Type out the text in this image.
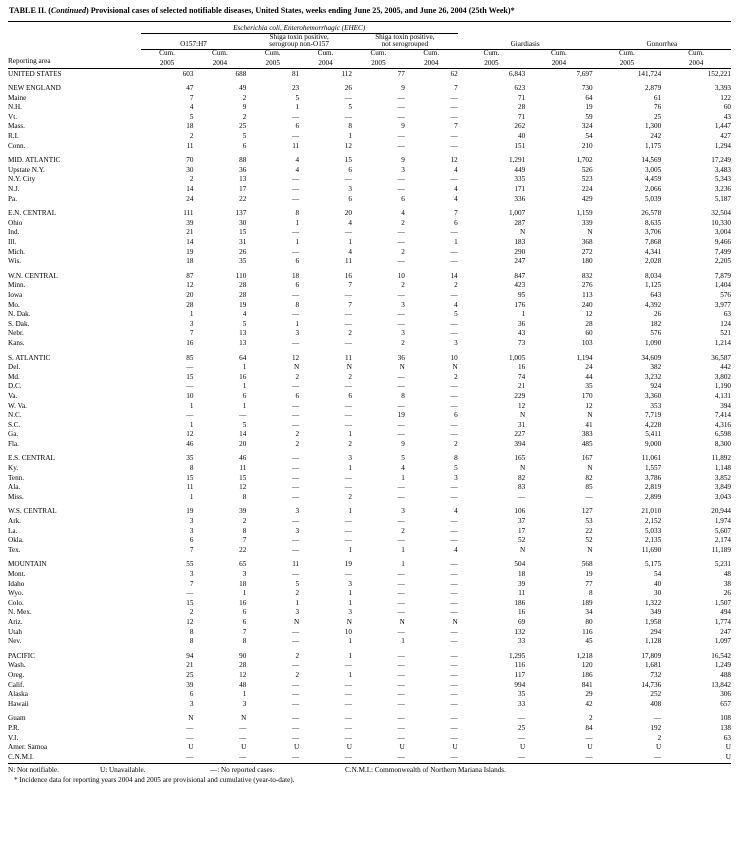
TABLE II. (Continued) Provisional cases of selected notifiable diseases, United States, weeks ending June 25, 2005, and June 26, 2004 (25th Week)*
	Escherichia coli, Enterohemorrhagic (EHEC)									

O157:H7

Shiga toxin positive,
serogroup non-O157

Shiga toxin positive,
not serogrouped	Giardiasis	Gonorrhea

	Cum.	Cum.	Cum.	Cum.	Cum.	Cum.	Cum.	Cum.	Cum.	Cum.
Reporting area	2005	2004	2005	2004	2005	2004	2005	2004	2005	2004
UNITED STATES	603	688	81	112	77	62	6,843	7,697	141,724	152,221

NEW ENGLAND	47	49	23	26	9	7	623	730	2,879	3,393
Maine	7	2	5	—	—	—	71	64	61	122
N.H.	4	9	1	5	—	—	28	19	76	60
Vt.	5	2	—	—	—	—	71	59	25	43
Mass.	18	25	6	8	9	7	262	324	1,300	1,447
R.I.	2	5	—	1	—	—	40	54	242	427
Conn.	11	6	11	12	—	—	151	210	1,175	1,294

MID. ATLANTIC	70	88	4	15	9	12	1,291	1,702	14,569	17,249
Upstate N.Y.	30	36	4	6	3	4	449	526	3,005	3,483
N.Y. City	2	13	—	—	—	—	335	523	4,459	5,343
N.J.	14	17	—	3	—	4	171	224	2,066	3,236
Pa.	24	22	—	6	6	4	336	429	5,039	5,187

E.N. CENTRAL	111	137	8	20	4	7	1,007	1,159	26,578	32,504
Ohio	39	30	1	4	2	6	287	339	8,635	10,330
Ind.	21	15	—	—	—	—	N	N	3,706	3,004
Ill.	14	31	1	1	—	1	183	368	7,868	9,466
Mich.	19	26	—	4	2	—	290	272	4,341	7,499
Wis.	18	35	6	11	—	—	247	180	2,028	2,205

W.N. CENTRAL	87	110	18	16	10	14	847	832	8,034	7,879
Minn.	12	28	6	7	2	2	423	276	1,125	1,404
Iowa	20	28	—	—	—	—	95	113	643	576
Mo.	28	19	8	7	3	4	176	240	4,392	3,977
N. Dak.	1	4	—	—	—	5	1	12	26	63
S. Dak.	3	5	1	—	—	—	36	28	182	124
Nebr.	7	13	3	2	3	—	43	60	576	521
Kans.	16	13	—	—	2	3	73	103	1,090	1,214

S. ATLANTIC	85	64	12	11	36	10	1,005	1,194	34,609	36,587
Del.	—	1	N	N	N	N	16	24	382	442
Md.	15	16	2	2	—	2	74	44	3,232	3,802
D.C.	—	1	—	—	—	—	21	35	924	1,190
Va.	10	6	6	6	8	—	229	170	3,360	4,131
W. Va.	1	1	—	—	—	—	12	12	353	394
N.C.	—	—	—	—	19	6	N	N	7,719	7,414
S.C.	1	5	—	—	—	—	31	41	4,228	4,316
Ga.	12	14	2	1	—	—	227	383	5,411	6,598
Fla.	46	20	2	2	9	2	394	485	9,000	8,300

E.S. CENTRAL	35	46	—	3	5	8	165	167	11,061	11,892
Ky.	8	11	—	1	4	5	N	N	1,557	1,148
Tenn.	15	15	—	—	1	3	82	82	3,786	3,852
Ala.	11	12	—	—	—	—	83	85	2,819	3,849
Miss.	1	8	—	2	—	—	—	—	2,899	3,043

W.S. CENTRAL	19	39	3	1	3	4	106	127	21,010	20,944
Ark.	3	2	—	—	—	—	37	53	2,152	1,974
La.	3	8	3	—	2	—	17	22	5,033	5,607
Okla.	6	7	—	—	—	—	52	52	2,135	2,174
Tex.	7	22	—	1	1	4	N	N	11,690	11,189

MOUNTAIN	55	65	11	19	1	—	504	568	5,175	5,231
Mont.	3	3	—	—	—	—	18	19	54	48
Idaho	7	18	5	3	—	—	39	77	40	38
Wyo.	—	1	2	1	—	—	11	8	30	26
Colo.	15	16	1	1	—	—	186	189	1,322	1,507
N. Mex.	2	6	3	3	—	—	16	34	349	494
Ariz.	12	6	N	N	N	N	69	80	1,958	1,774
Utah	8	7	—	10	—	—	132	116	294	247
Nev.	8	8	—	1	1	—	33	45	1,128	1,097

PACIFIC	94	90	2	1	—	—	1,295	1,218	17,809	16,542
Wash.	21	28	—	—	—	—	116	120	1,681	1,249
Oreg.	25	12	2	1	—	—	117	186	732	488
Calif.	39	48	—	—	—	—	994	841	14,736	13,842
Alaska	6	1	—	—	—	—	35	29	252	306
Hawaii	3	3	—	—	—	—	33	42	408	657

Guam	N	N	—	—	—	—	—	2	—	108
P.R.	—	—	—	—	—	—	25	84	192	138
V.I.	—	—	—	—	—	—	—	—	2	63
Amer. Samoa	U	U	U	U	U	U	U	U	U	U
C.N.M.I.	—	—	—	—	—	—	—	—	—	U
N: Not notifiable.	U: Unavailable.	—: No reported cases.	C.N.M.I.: Commonwealth of Northern Mariana Islands.
* Incidence data for reporting years 2004 and 2005 are provisional and cumulative (year-to-date).
